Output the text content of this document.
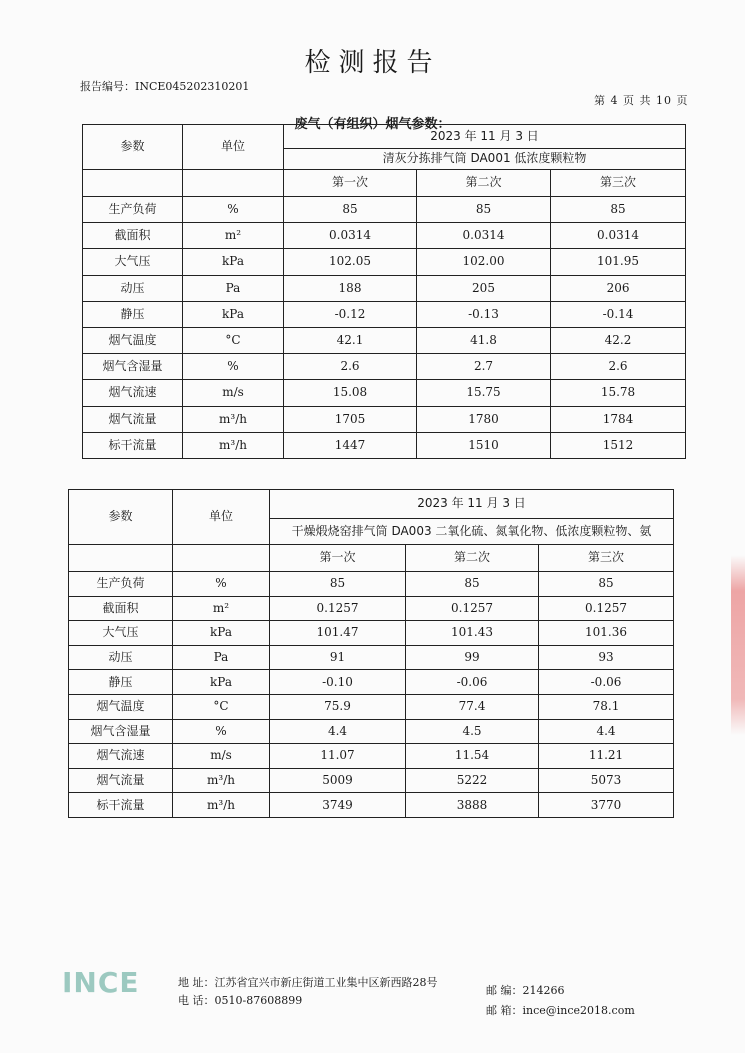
检测报告
报告编号：INCE045202310201
第 4 页 共 10 页
废气（有组织）烟气参数：
参数	单位	2023 年 11 月 3 日		
		清灰分拣排气筒 DA001 低浓度颗粒物		
		第一次	第二次	第三次
生产负荷	%	85	85	85
截面积	m²	0.0314	0.0314	0.0314
大气压	kPa	102.05	102.00	101.95
动压	Pa	188	205	206
静压	kPa	-0.12	-0.13	-0.14
烟气温度	°C	42.1	41.8	42.2
烟气含湿量	%	2.6	2.7	2.6
烟气流速	m/s	15.08	15.75	15.78
烟气流量	m³/h	1705	1780	1784
标干流量	m³/h	1447	1510	1512
参数	单位	2023 年 11 月 3 日		
		干燥煅烧窑排气筒 DA003 二氧化硫、氮氧化物、低浓度颗粒物、氨		
		第一次	第二次	第三次
生产负荷	%	85	85	85
截面积	m²	0.1257	0.1257	0.1257
大气压	kPa	101.47	101.43	101.36
动压	Pa	91	99	93
静压	kPa	-0.10	-0.06	-0.06
烟气温度	°C	75.9	77.4	78.1
烟气含湿量	%	4.4	4.5	4.4
烟气流速	m/s	11.07	11.54	11.21
烟气流量	m³/h	5009	5222	5073
标干流量	m³/h	3749	3888	3770
INCE	地 址：江苏省宜兴市新庄街道工业集中区新西路28号
电 话：0510-87608899
邮 编：214266
邮 箱：ince@ince2018.com
